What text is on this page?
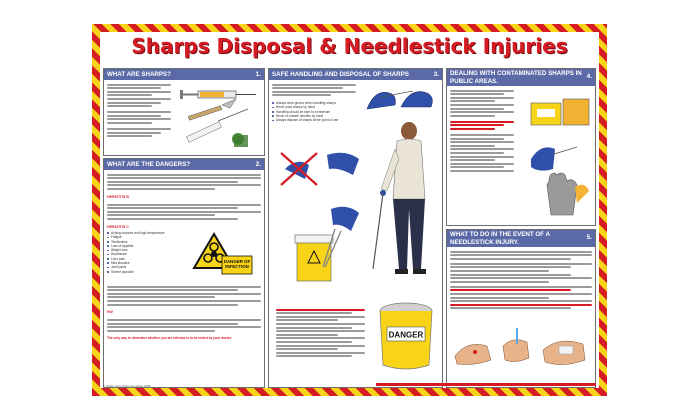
Sharps Disposal & Needlestick Injuries
WHAT ARE SHARPS?	1.
WHAT ARE THE DANGERS?	2.
HEPATITIS B
HEPATITIS C
Aching muscles and high temperature
Fatigue
Tenderness
Loss of appetite
Weight loss
Depression
Liver pain
Mild jaundice
Joint pains
Severe jaundice
DANGER OF INFECTION
HIV
The only way to determine whether you are infected is to be tested by your doctor.
SAFE HANDLING AND DISPOSAL OF SHARPS	3.
Always wear gloves when handling sharps
Never pass sharps by hand
Handling should be kept to a minimum
Never re-sheath needles by hand
Always dispose of sharps at the point of use
DANGER
DEALING WITH CONTAMINATED SHARPS IN PUBLIC AREAS.
4.
WHAT TO DO IN THE EVENT OF A NEEDLESTICK INJURY.
5.
© Safety Sign Sub-Committee 2005
